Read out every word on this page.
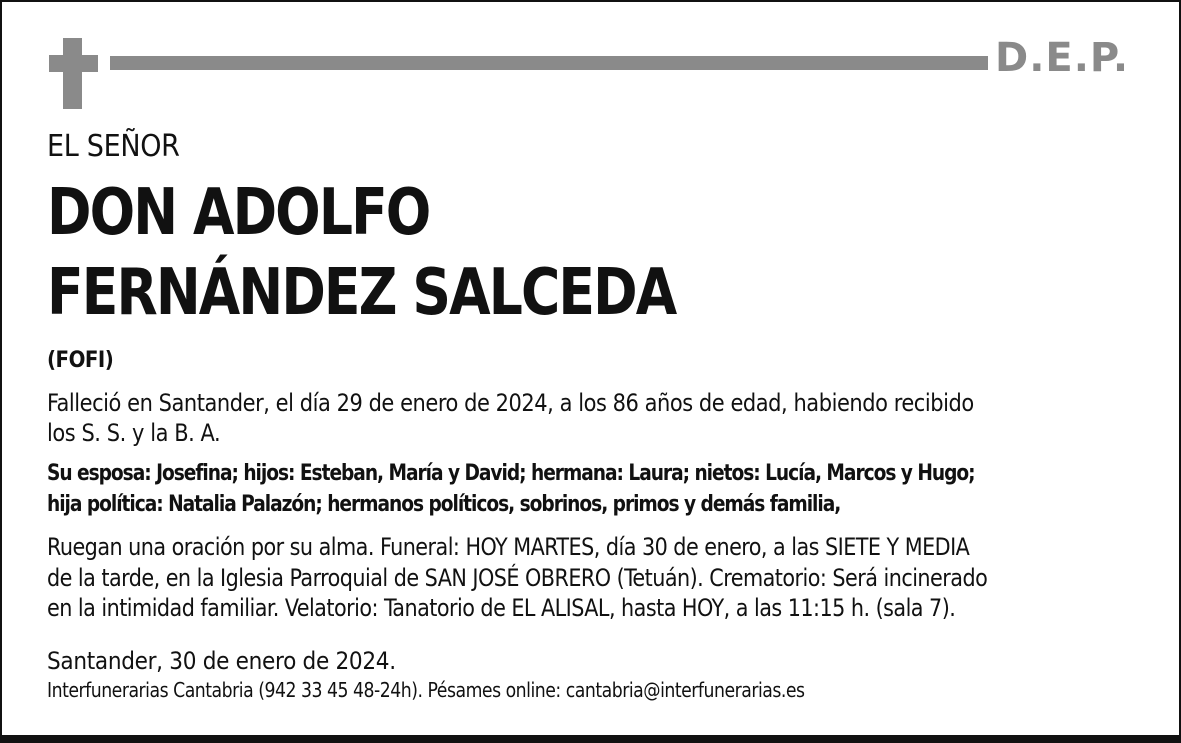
D.E.P.
EL SEÑOR
DON ADOLFO
FERNÁNDEZ SALCEDA
(FOFI)
Falleció en Santander, el día 29 de enero de 2024, a los 86 años de edad, habiendo recibido
los S. S. y la B. A.
Su esposa: Josefina; hijos: Esteban, María y David; hermana: Laura; nietos: Lucía, Marcos y Hugo;
hija política: Natalia Palazón; hermanos políticos, sobrinos, primos y demás familia,
Ruegan una oración por su alma. Funeral: HOY MARTES, día 30 de enero, a las SIETE Y MEDIA
de la tarde, en la Iglesia Parroquial de SAN JOSÉ OBRERO (Tetuán). Crematorio: Será incinerado
en la intimidad familiar. Velatorio: Tanatorio de EL ALISAL, hasta HOY, a las 11:15 h. (sala 7).
Santander, 30 de enero de 2024.
Interfunerarias Cantabria (942 33 45 48-24h). Pésames online: cantabria@interfunerarias.es
